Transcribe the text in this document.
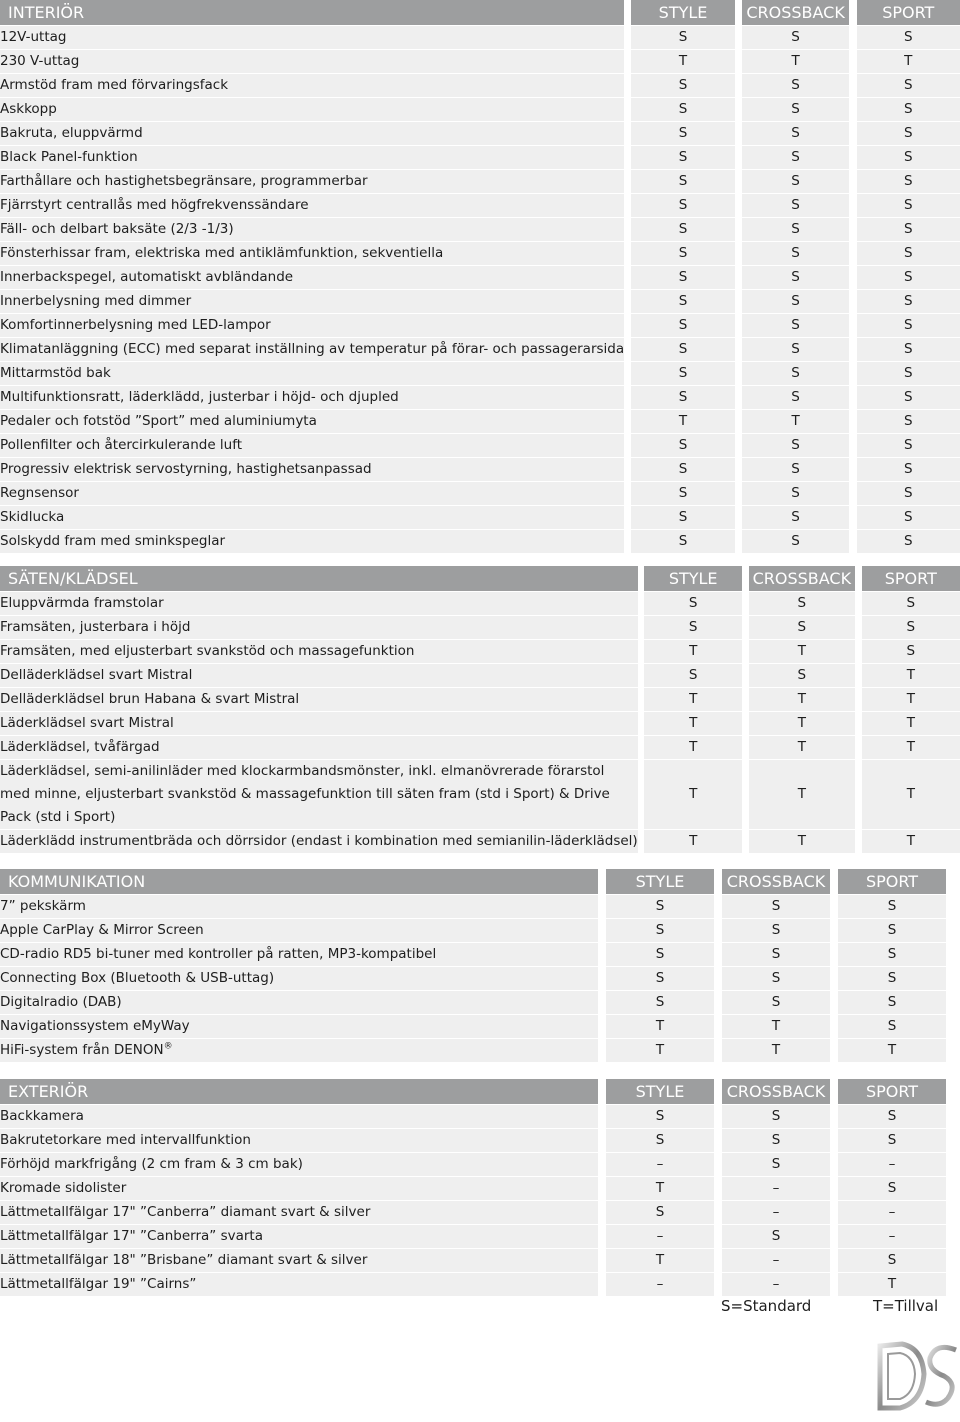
INTERIÖR		STYLE		CROSSBACK		SPORT
12V-uttag		S		S		S
230 V-uttag		T		T		T
Armstöd fram med förvaringsfack		S		S		S
Askkopp		S		S		S
Bakruta, eluppvärmd		S		S		S
Black Panel-funktion		S		S		S
Farthållare och hastighetsbegränsare, programmerbar		S		S		S
Fjärrstyrt centrallås med högfrekvenssändare		S		S		S
Fäll- och delbart baksäte (2/3 -1/3)		S		S		S
Fönsterhissar fram, elektriska med antiklämfunktion, sekventiella		S		S		S
Innerbackspegel, automatiskt avbländande		S		S		S
Innerbelysning med dimmer		S		S		S
Komfortinnerbelysning med LED-lampor		S		S		S
Klimatanläggning (ECC) med separat inställning av temperatur på förar- och passagerarsida		S		S		S
Mittarmstöd bak		S		S		S
Multifunktionsratt, läderklädd, justerbar i höjd- och djupled		S		S		S
Pedaler och fotstöd ”Sport” med aluminiumyta		T		T		S
Pollenfilter och återcirkulerande luft		S		S		S
Progressiv elektrisk servostyrning, hastighetsanpassad		S		S		S
Regnsensor		S		S		S
Skidlucka		S		S		S
Solskydd fram med sminkspeglar		S		S		S
SÄTEN/KLÄDSEL		STYLE		CROSSBACK		SPORT
Eluppvärmda framstolar		S		S		S
Framsäten, justerbara i höjd		S		S		S
Framsäten, med eljusterbart svankstöd och massagefunktion		T		T		S
Delläderklädsel svart Mistral		S		S		T
Delläderklädsel brun Habana & svart Mistral		T		T		T
Läderklädsel svart Mistral		T		T		T
Läderklädsel, tvåfärgad		T		T		T
Läderklädsel, semi-anilinläder med klockarmbandsmönster, inkl. elmanövrerade förarstol med minne, eljusterbart svankstöd & massagefunktion till säten fram (std i Sport) & Drive Pack (std i Sport)		T		T		T
Läderklädd instrumentbräda och dörrsidor (endast i kombination med semianilin-läderklädsel)		T		T		T
KOMMUNIKATION		STYLE		CROSSBACK		SPORT
7” pekskärm		S		S		S
Apple CarPlay & Mirror Screen		S		S		S
CD-radio RD5 bi-tuner med kontroller på ratten, MP3-kompatibel		S		S		S
Connecting Box (Bluetooth & USB-uttag)		S		S		S
Digitalradio (DAB)		S		S		S
Navigationssystem eMyWay		T		T		S
HiFi-system från DENON®		T		T		T
EXTERIÖR		STYLE		CROSSBACK		SPORT
Backkamera		S		S		S
Bakrutetorkare med intervallfunktion		S		S		S
Förhöjd markfrigång (2 cm fram & 3 cm bak)		–		S		–
Kromade sidolister		T		–		S
Lättmetallfälgar 17" ”Canberra” diamant svart & silver		S		–		–
Lättmetallfälgar 17" ”Canberra” svarta		–		S		–
Lättmetallfälgar 18" ”Brisbane” diamant svart & silver		T		–		S
Lättmetallfälgar 19" ”Cairns”		–		–		T
S=Standard	T=Tillval
